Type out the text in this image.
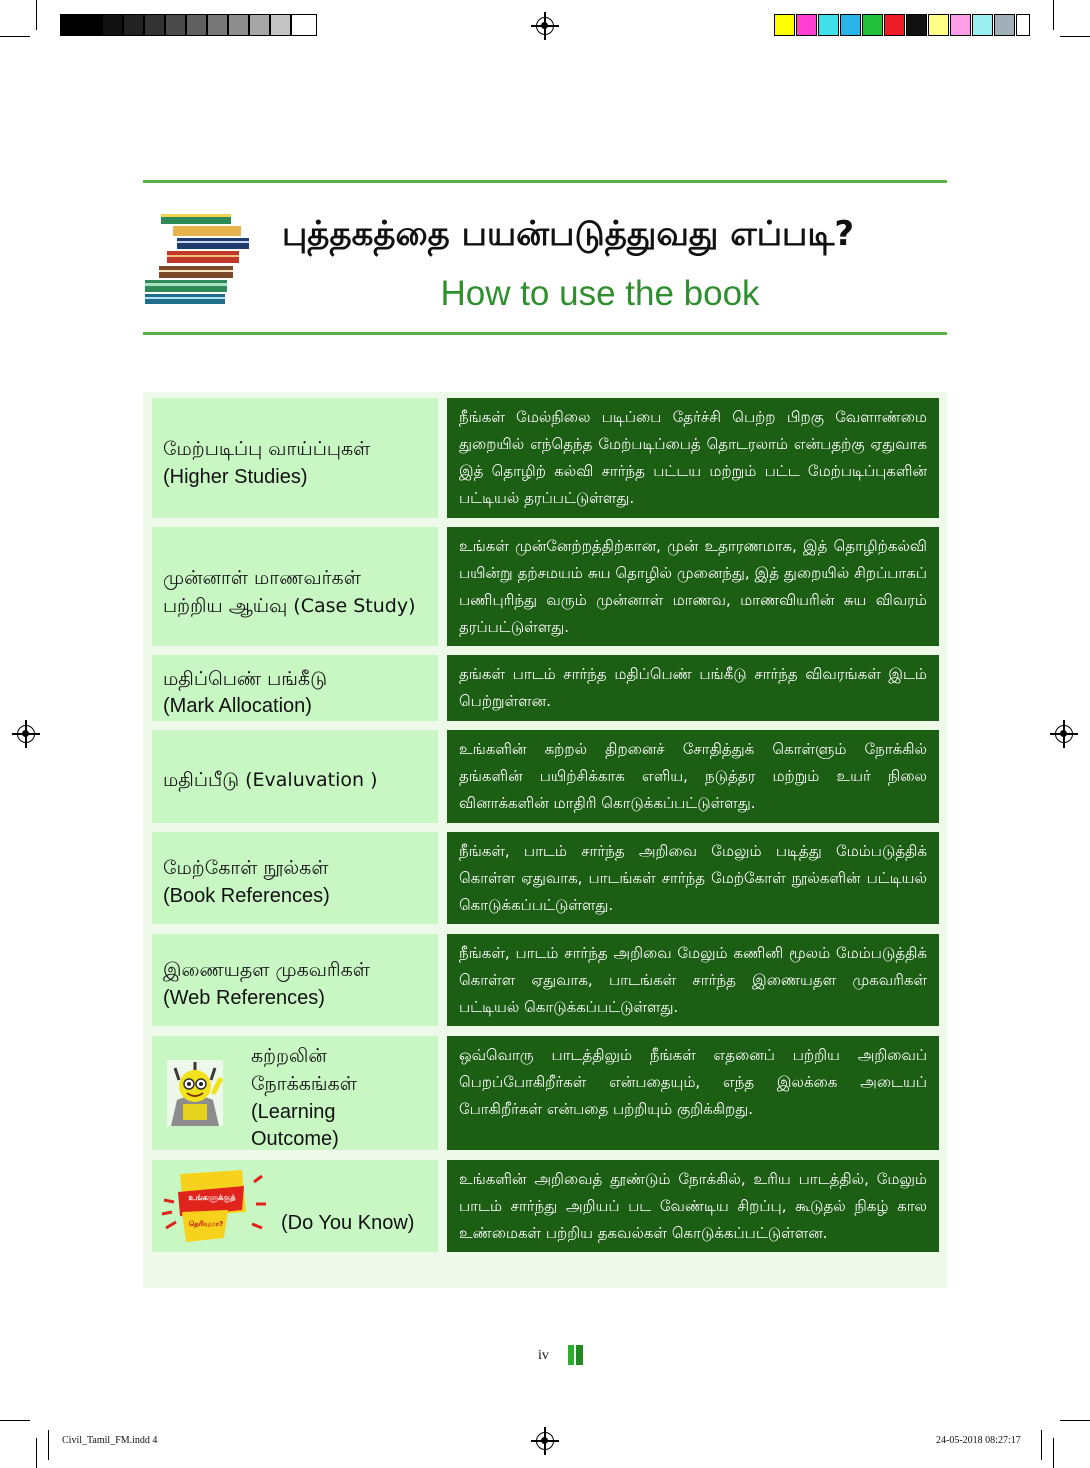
புத்தகத்தை பயன்படுத்துவது எப்படி?
How to use the book
மேற்படிப்பு வாய்ப்புகள்
(Higher Studies)
நீங்கள் மேல்நிலை படிப்பை தேர்ச்சி பெற்ற பிறகு வேளாண்மை துறையில் எந்தெந்த மேற்படிப்பைத் தொடரலாம் என்பதற்கு ஏதுவாக இத் தொழிற் கல்வி சார்ந்த பட்டய மற்றும் பட்ட மேற்படிப்புகளின் பட்டியல் தரப்பட்டுள்ளது.
முன்னாள் மாணவர்கள்
பற்றிய ஆய்வு (Case Study)
உங்கள் முன்னேற்றத்திற்கான, முன் உதாரணமாக, இத் தொழிற்கல்வி பயின்று தற்சமயம் சுய தொழில் முனைந்து, இத் துறையில் சிறப்பாகப் பணிபுரிந்து வரும் முன்னாள் மாணவ, மாணவியரின் சுய விவரம் தரப்பட்டுள்ளது.
மதிப்பெண் பங்கீடு
(Mark Allocation)
தங்கள் பாடம் சார்ந்த மதிப்பெண் பங்கீடு சார்ந்த விவரங்கள் இடம் பெற்றுள்ளன.
மதிப்பீடு (Evaluvation )
உங்களின் கற்றல் திறனைச் சோதித்துக் கொள்ளும் நோக்கில் தங்களின் பயிற்சிக்காக எளிய, நடுத்தர மற்றும் உயர் நிலை வினாக்களின் மாதிரி கொடுக்கப்பட்டுள்ளது.
மேற்கோள் நூல்கள்
(Book References)
நீங்கள், பாடம் சார்ந்த அறிவை மேலும் படித்து மேம்படுத்திக் கொள்ள ஏதுவாக, பாடங்கள் சார்ந்த மேற்கோள் நூல்களின் பட்டியல் கொடுக்கப்பட்டுள்ளது.
இணையதள முகவரிகள்
(Web References)
நீங்கள், பாடம் சார்ந்த அறிவை மேலும் கணினி மூலம் மேம்படுத்திக் கொள்ள ஏதுவாக, பாடங்கள் சார்ந்த இணையதள முகவரிகள் பட்டியல் கொடுக்கப்பட்டுள்ளது.
கற்றலின்
நோக்கங்கள்
(Learning
Outcome)
ஒவ்வொரு பாடத்திலும் நீங்கள் எதனைப் பற்றிய அறிவைப் பெறப்போகிறீர்கள் என்பதையும், எந்த இலக்கை அடையப் போகிறீர்கள் என்பதை பற்றியும் குறிக்கிறது.
உங்களுக்குத்
தெரியுமா?	(Do You Know)
உங்களின் அறிவைத் தூண்டும் நோக்கில், உரிய பாடத்தில், மேலும் பாடம் சார்ந்து அறியப் பட வேண்டிய சிறப்பு, கூடுதல் நிகழ் கால உண்மைகள் பற்றிய தகவல்கள் கொடுக்கப்பட்டுள்ளன.
iv
Civil_Tamil_FM.indd 4	24-05-2018 08:27:17
